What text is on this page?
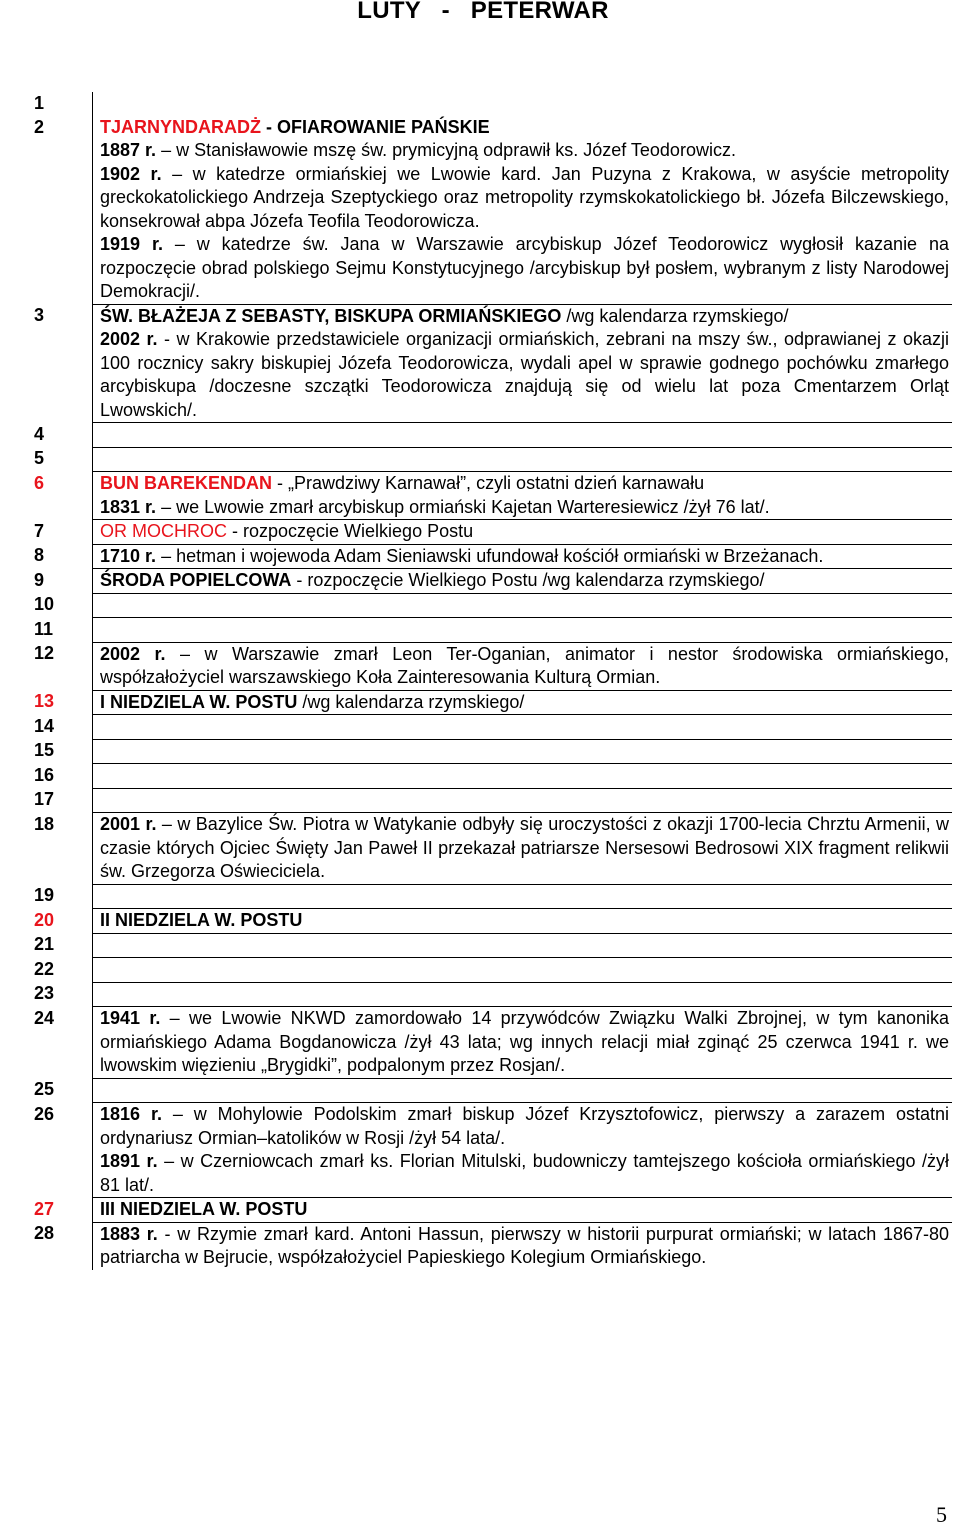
LUTY   -   PETERWAR
1	
2	TJARNYNDARADŻ - OFIAROWANIE PAŃSKIE
1887 r. – w Stanisławowie mszę św. prymicyjną odprawił ks. Józef Teodorowicz.
1902 r. – w katedrze ormiańskiej we Lwowie kard. Jan Puzyna z Krakowa, w asyście metropolity greckokatolickiego Andrzeja Szeptyckiego oraz metropolity rzymskokatolickiego bł. Józefa Bilczewskiego, konsekrował abpa Józefa Teofila Teodorowicza.
1919 r. – w katedrze św. Jana w Warszawie arcybiskup Józef Teodorowicz wygłosił kazanie na rozpoczęcie obrad polskiego Sejmu Konstytucyjnego /arcybiskup był posłem, wybranym z listy Narodowej Demokracji/.

3	ŚW. BŁAŻEJA Z SEBASTY, BISKUPA ORMIAŃSKIEGO /wg kalendarza rzymskiego/
2002 r. - w Krakowie przedstawiciele organizacji ormiańskich, zebrani na mszy św., odprawianej z okazji 100 rocznicy sakry biskupiej Józefa Teodorowicza, wydali apel w sprawie godnego pochówku zmarłego arcybiskupa /doczesne szczątki Teodorowicza znajdują się od wielu lat poza Cmentarzem Orląt Lwowskich/.

4	
5	
6	BUN BAREKENDAN - „Prawdziwy Karnawał”, czyli ostatni dzień karnawału
1831 r. – we Lwowie zmarł arcybiskup ormiański Kajetan Warteresiewicz /żył 76 lat/.

7	OR MOCHROC - rozpoczęcie Wielkiego Postu

8	1710 r. – hetman i wojewoda Adam Sieniawski ufundował kościół ormiański w Brzeżanach.

9	ŚRODA POPIELCOWA - rozpoczęcie Wielkiego Postu /wg kalendarza rzymskiego/

10	
11	
12	2002 r. – w Warszawie zmarł Leon Ter-Oganian, animator i nestor środowiska ormiańskiego, współzałożyciel warszawskiego Koła Zainteresowania Kulturą Ormian.

13	I NIEDZIELA W. POSTU /wg kalendarza rzymskiego/

14	
15	
16	
17	
18	2001 r. – w Bazylice Św. Piotra w Watykanie odbyły się uroczystości z okazji 1700-lecia Chrztu Armenii, w czasie których Ojciec Święty Jan Paweł II przekazał patriarsze Nersesowi Bedrosowi XIX fragment relikwii św. Grzegorza Oświeciciela.

19	
20	II NIEDZIELA W. POSTU

21	
22	
23	
24	1941 r. – we Lwowie NKWD zamordowało 14 przywódców Związku Walki Zbrojnej, w tym kanonika ormiańskiego Adama Bogdanowicza /żył 43 lata; wg innych relacji miał zginąć 25 czerwca 1941 r. we lwowskim więzieniu „Brygidki”, podpalonym przez Rosjan/.

25	
26	1816 r. – w Mohylowie Podolskim zmarł biskup Józef Krzysztofowicz, pierwszy a zarazem ostatni ordynariusz Ormian–katolików w Rosji /żył 54 lata/.
1891 r. – w Czerniowcach zmarł ks. Florian Mitulski, budowniczy tamtejszego kościoła ormiańskiego /żył 81 lat/.

27	III NIEDZIELA W. POSTU

28	1883 r. - w Rzymie zmarł kard. Antoni Hassun, pierwszy w historii purpurat ormiański; w latach 1867-80 patriarcha w Bejrucie, współzałożyciel Papieskiego Kolegium Ormiańskiego.
5
